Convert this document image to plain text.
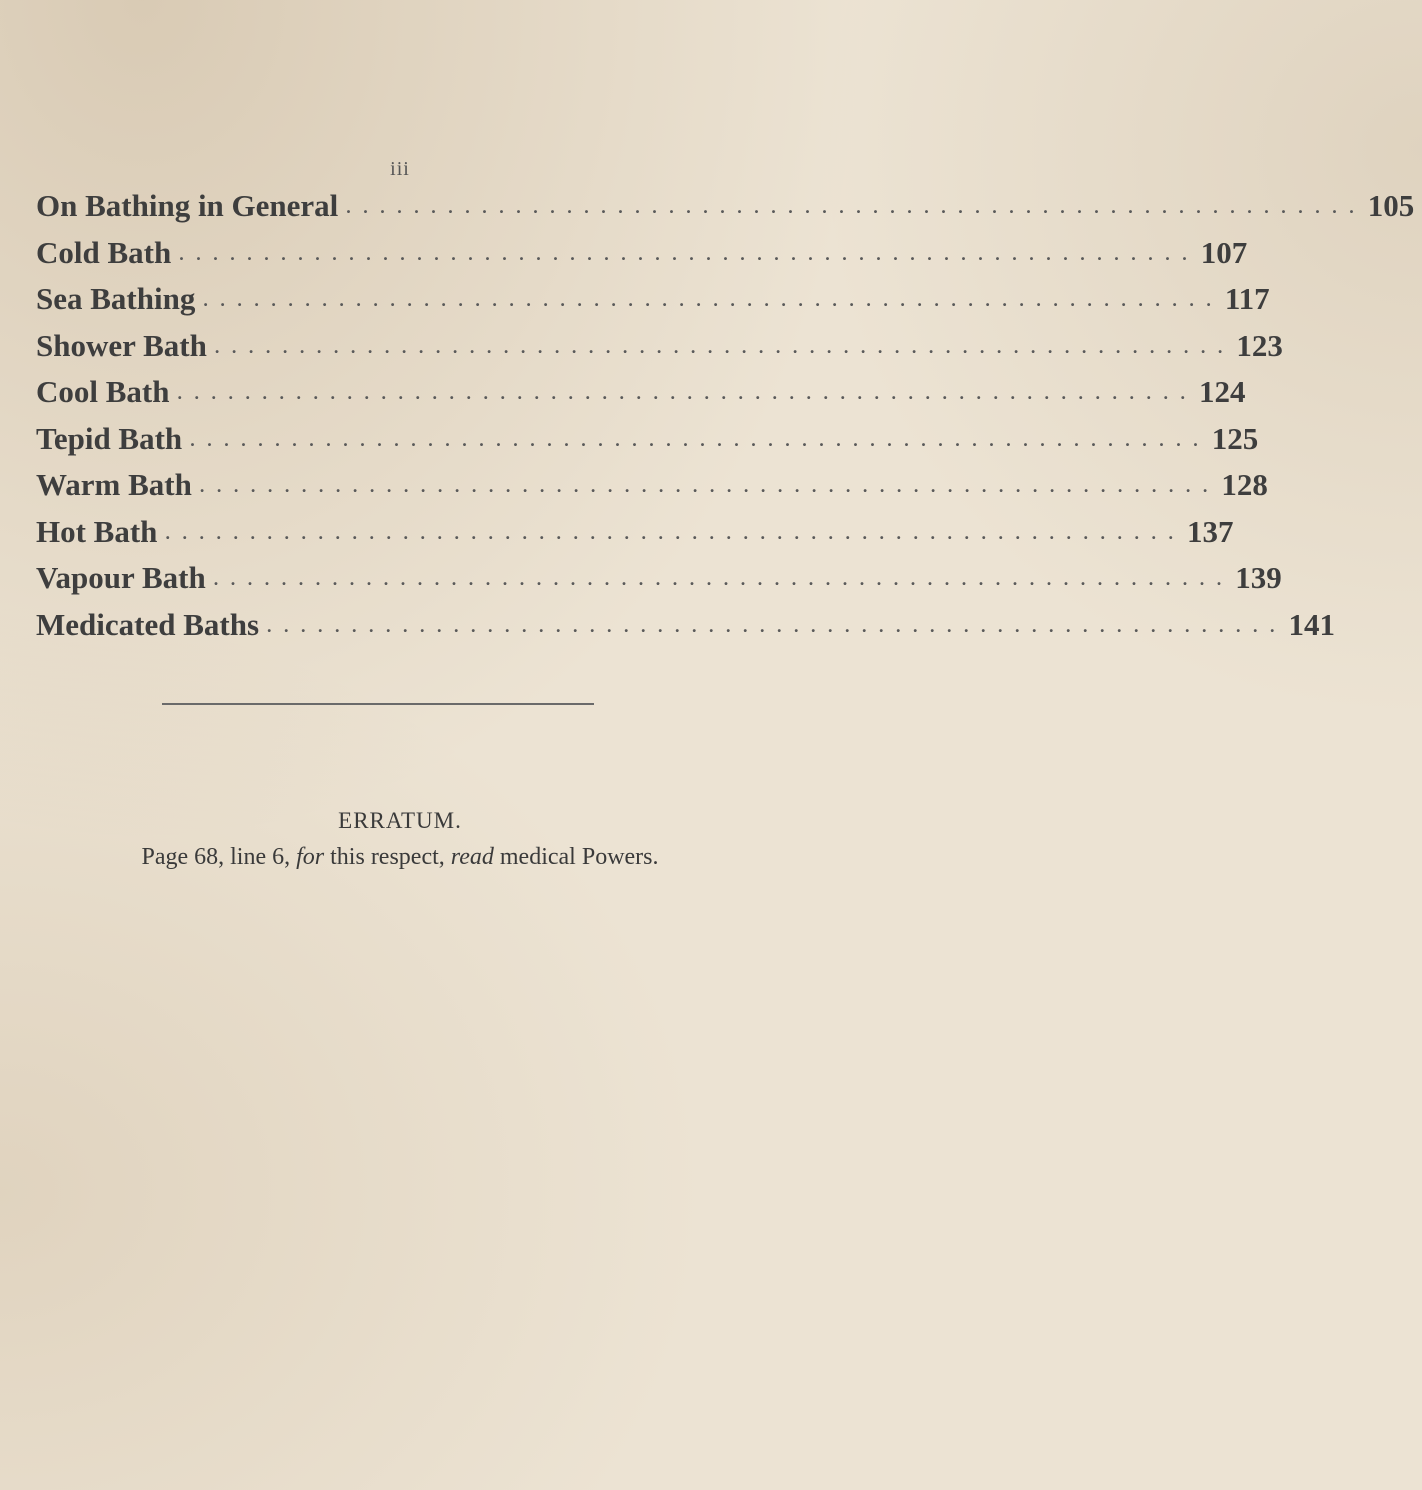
iii
On Bathing in General . . . . . . . . . . . . . . . . . . . . . . . . . . . . . . . . . . . . . . . . . . . . . . . . . . . . . . . . . . . . 105
Cold Bath . . . . . . . . . . . . . . . . . . . . . . . . . . . . . . . . . . . . . . . . . . . . . . . . . . . . . . . . . . . . 107
Sea Bathing . . . . . . . . . . . . . . . . . . . . . . . . . . . . . . . . . . . . . . . . . . . . . . . . . . . . . . . . . . . . 117
Shower Bath . . . . . . . . . . . . . . . . . . . . . . . . . . . . . . . . . . . . . . . . . . . . . . . . . . . . . . . . . . . . 123
Cool Bath . . . . . . . . . . . . . . . . . . . . . . . . . . . . . . . . . . . . . . . . . . . . . . . . . . . . . . . . . . . . 124
Tepid Bath . . . . . . . . . . . . . . . . . . . . . . . . . . . . . . . . . . . . . . . . . . . . . . . . . . . . . . . . . . . . 125
Warm Bath . . . . . . . . . . . . . . . . . . . . . . . . . . . . . . . . . . . . . . . . . . . . . . . . . . . . . . . . . . . . 128
Hot Bath . . . . . . . . . . . . . . . . . . . . . . . . . . . . . . . . . . . . . . . . . . . . . . . . . . . . . . . . . . . . 137
Vapour Bath . . . . . . . . . . . . . . . . . . . . . . . . . . . . . . . . . . . . . . . . . . . . . . . . . . . . . . . . . . . . 139
Medicated Baths . . . . . . . . . . . . . . . . . . . . . . . . . . . . . . . . . . . . . . . . . . . . . . . . . . . . . . . . . . . . 141
ERRATUM.
Page 68, line 6, for this respect, read medical Powers.
